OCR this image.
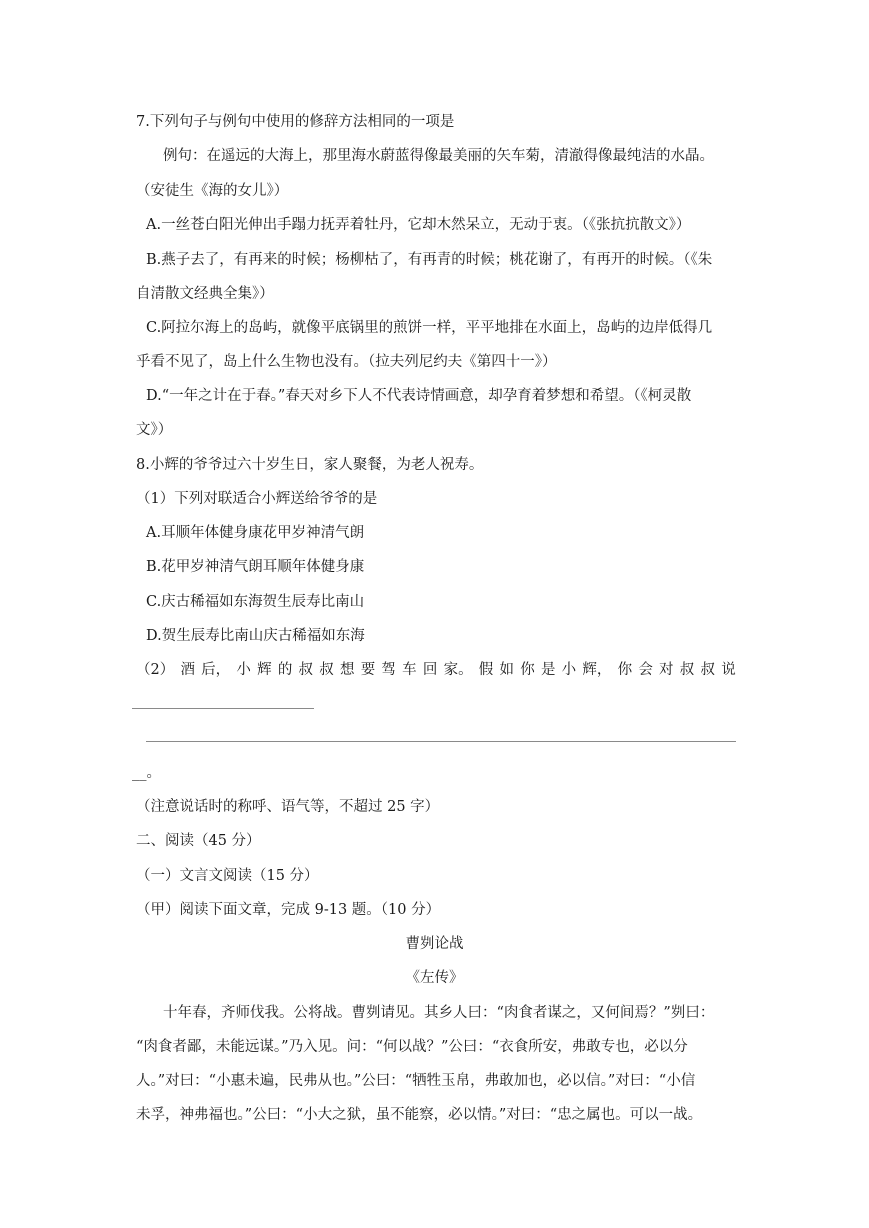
7.下列句子与例句中使用的修辞方法相同的一项是
例句：在遥远的大海上，那里海水蔚蓝得像最美丽的矢车菊，清澈得像最纯洁的水晶。
（安徒生《海的女儿》）
A.一丝苍白阳光伸出手蹋力抚弄着牡丹，它却木然呆立，无动于衷。（《张抗抗散文》）
B.燕子去了，有再来的时候；杨柳枯了，有再青的时候；桃花谢了，有再开的时候。（《朱
自清散文经典全集》）
C.阿拉尔海上的岛屿，就像平底锅里的煎饼一样，平平地排在水面上，岛屿的边岸低得几
乎看不见了，岛上什么生物也没有。（拉夫列尼约夫《第四十一》）
D.“一年之计在于春。”春天对乡下人不代表诗情画意，却孕育着梦想和希望。（《柯灵散
文》）
8.小辉的爷爷过六十岁生日，家人聚餐，为老人祝寿。
（1）下列对联适合小辉送给爷爷的是
A.耳顺年体健身康花甲岁神清气朗
B.花甲岁神清气朗耳顺年体健身康
C.庆古稀福如东海贺生辰寿比南山
D.贺生辰寿比南山庆古稀福如东海
（2） 酒 后， 小 辉 的 叔 叔 想 要 驾 车 回 家。 假 如 你 是 小 辉， 你 会 对 叔 叔 说
__。
（注意说话时的称呼、语气等，不超过 25 字）
二、阅读（45 分）
（一）文言文阅读（15 分）
（甲）阅读下面文章，完成 9-13 题。（10 分）
曹刿论战
《左传》
十年春，齐师伐我。公将战。曹刿请见。其乡人曰：“肉食者谋之，又何间焉？”刿曰：
“肉食者鄙，未能远谋。”乃入见。问：“何以战？”公曰：“衣食所安，弗敢专也，必以分
人。”对曰：“小惠未遍，民弗从也。”公曰：“牺牲玉帛，弗敢加也，必以信。”对曰：“小信
未孚，神弗福也。”公曰：“小大之狱，虽不能察，必以情。”对曰：“忠之属也。可以一战。
